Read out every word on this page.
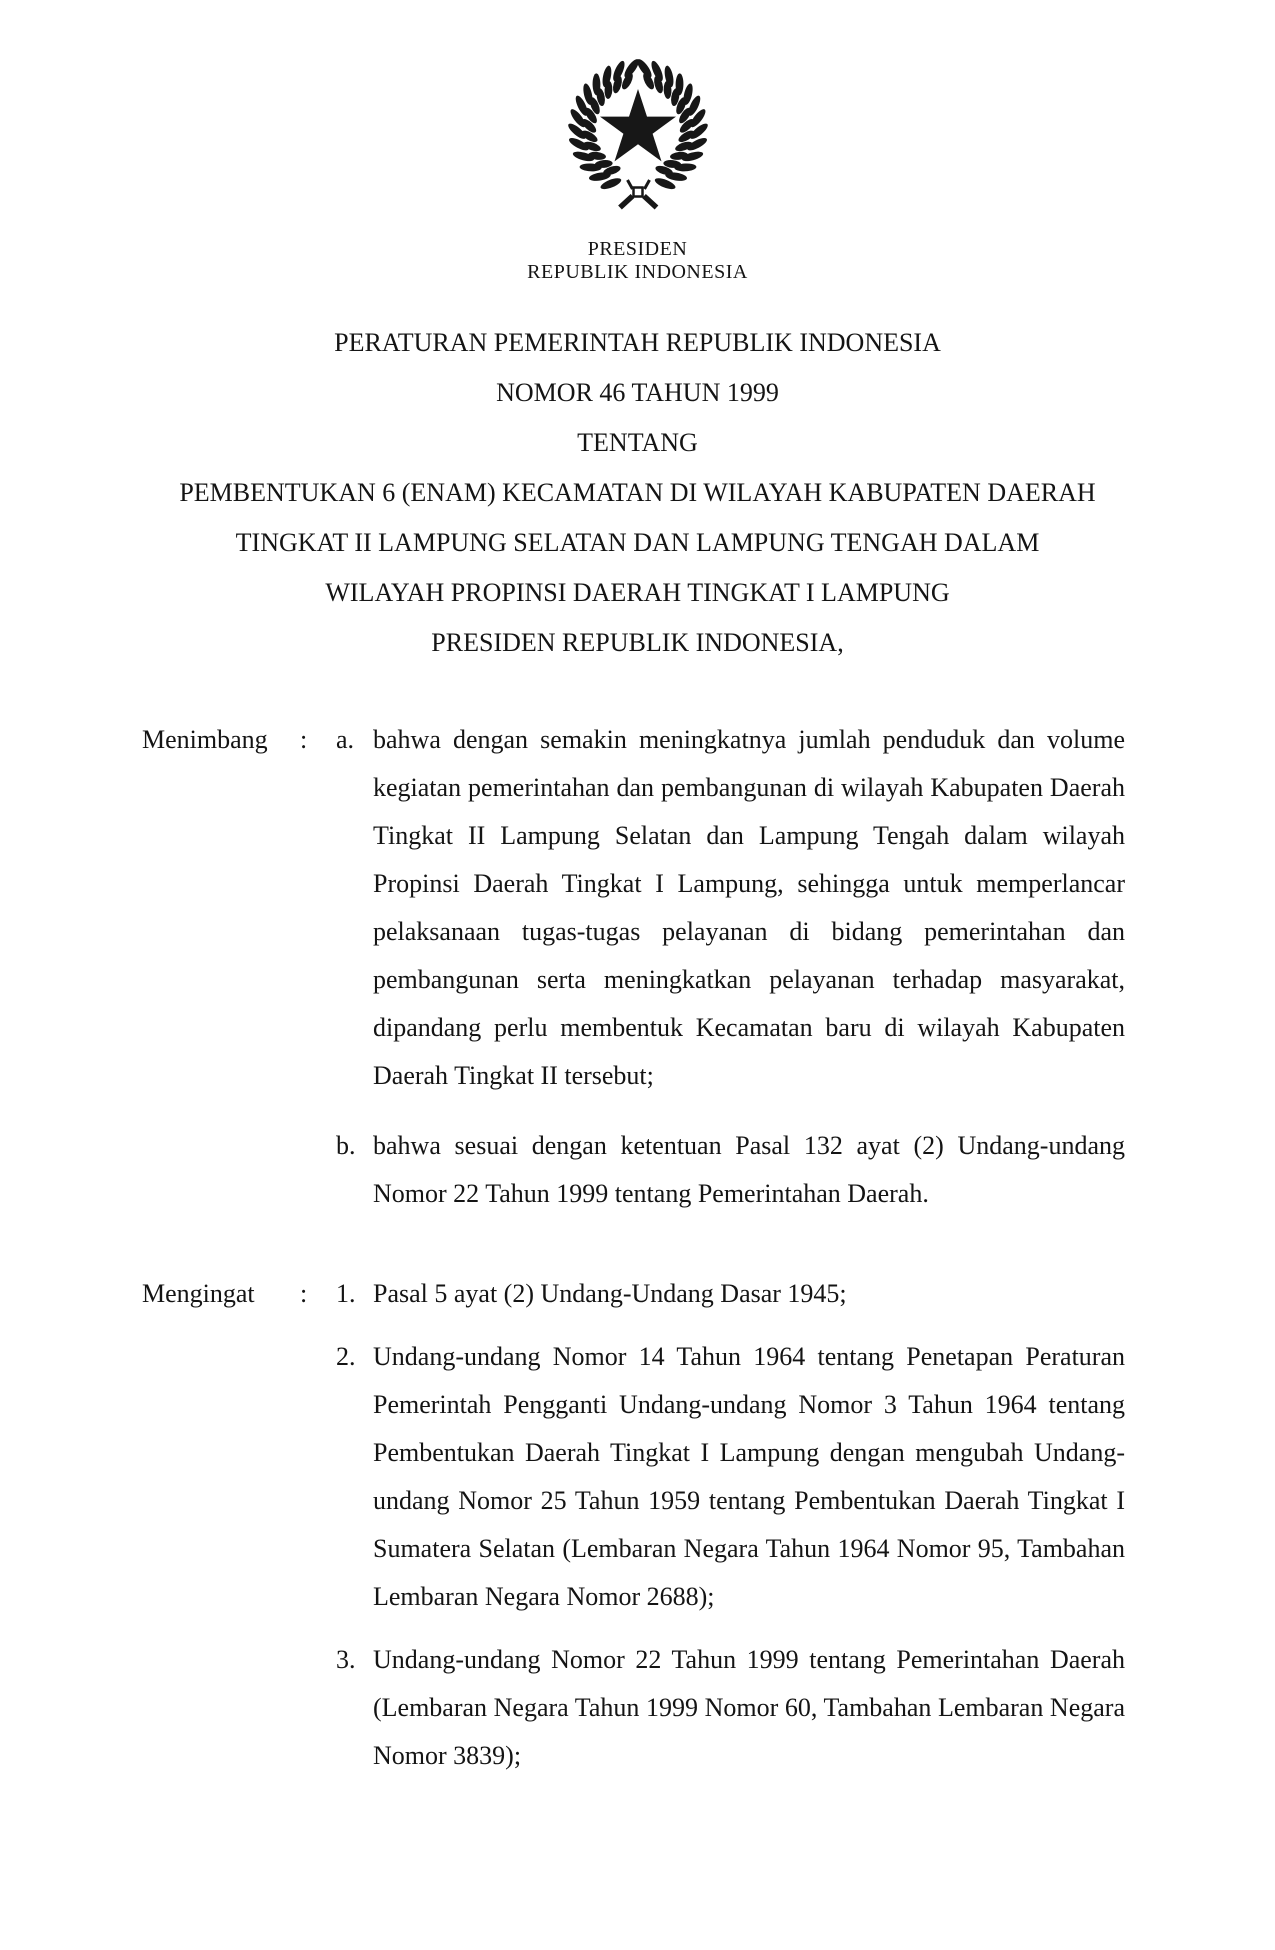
PRESIDEN
REPUBLIK INDONESIA
PERATURAN PEMERINTAH REPUBLIK INDONESIA
NOMOR 46 TAHUN 1999
TENTANG
PEMBENTUKAN 6 (ENAM) KECAMATAN DI WILAYAH KABUPATEN DAERAH
TINGKAT II LAMPUNG SELATAN DAN LAMPUNG TENGAH DALAM
WILAYAH PROPINSI DAERAH TINGKAT I LAMPUNG
PRESIDEN REPUBLIK INDONESIA,
Menimbang	:	a. bahwa dengan semakin meningkatnya jumlah penduduk dan volume kegiatan pemerintahan dan pembangunan di wilayah Kabupaten Daerah Tingkat II Lampung Selatan dan Lampung Tengah dalam wilayah Propinsi Daerah Tingkat I Lampung, sehingga untuk memperlancar pelaksanaan tugas-tugas pelayanan di bidang pemerintahan dan pembangunan serta meningkatkan pelayanan terhadap masyarakat, dipandang perlu membentuk Kecamatan baru di wilayah Kabupaten Daerah Tingkat II tersebut;
b. bahwa sesuai dengan ketentuan Pasal 132 ayat (2) Undang-undang Nomor 22 Tahun 1999 tentang Pemerintahan Daerah.
Mengingat	:	1. Pasal 5 ayat (2) Undang-Undang Dasar 1945;
2. Undang-undang Nomor 14 Tahun 1964 tentang Penetapan Peraturan Pemerintah Pengganti Undang-undang Nomor 3 Tahun 1964 tentang Pembentukan Daerah Tingkat I Lampung dengan mengubah Undang-undang Nomor 25 Tahun 1959 tentang Pembentukan Daerah Tingkat I Sumatera Selatan (Lembaran Negara Tahun 1964 Nomor 95, Tambahan Lembaran Negara Nomor 2688);
3. Undang-undang Nomor 22 Tahun 1999 tentang Pemerintahan Daerah (Lembaran Negara Tahun 1999 Nomor 60, Tambahan Lembaran Negara Nomor 3839);
